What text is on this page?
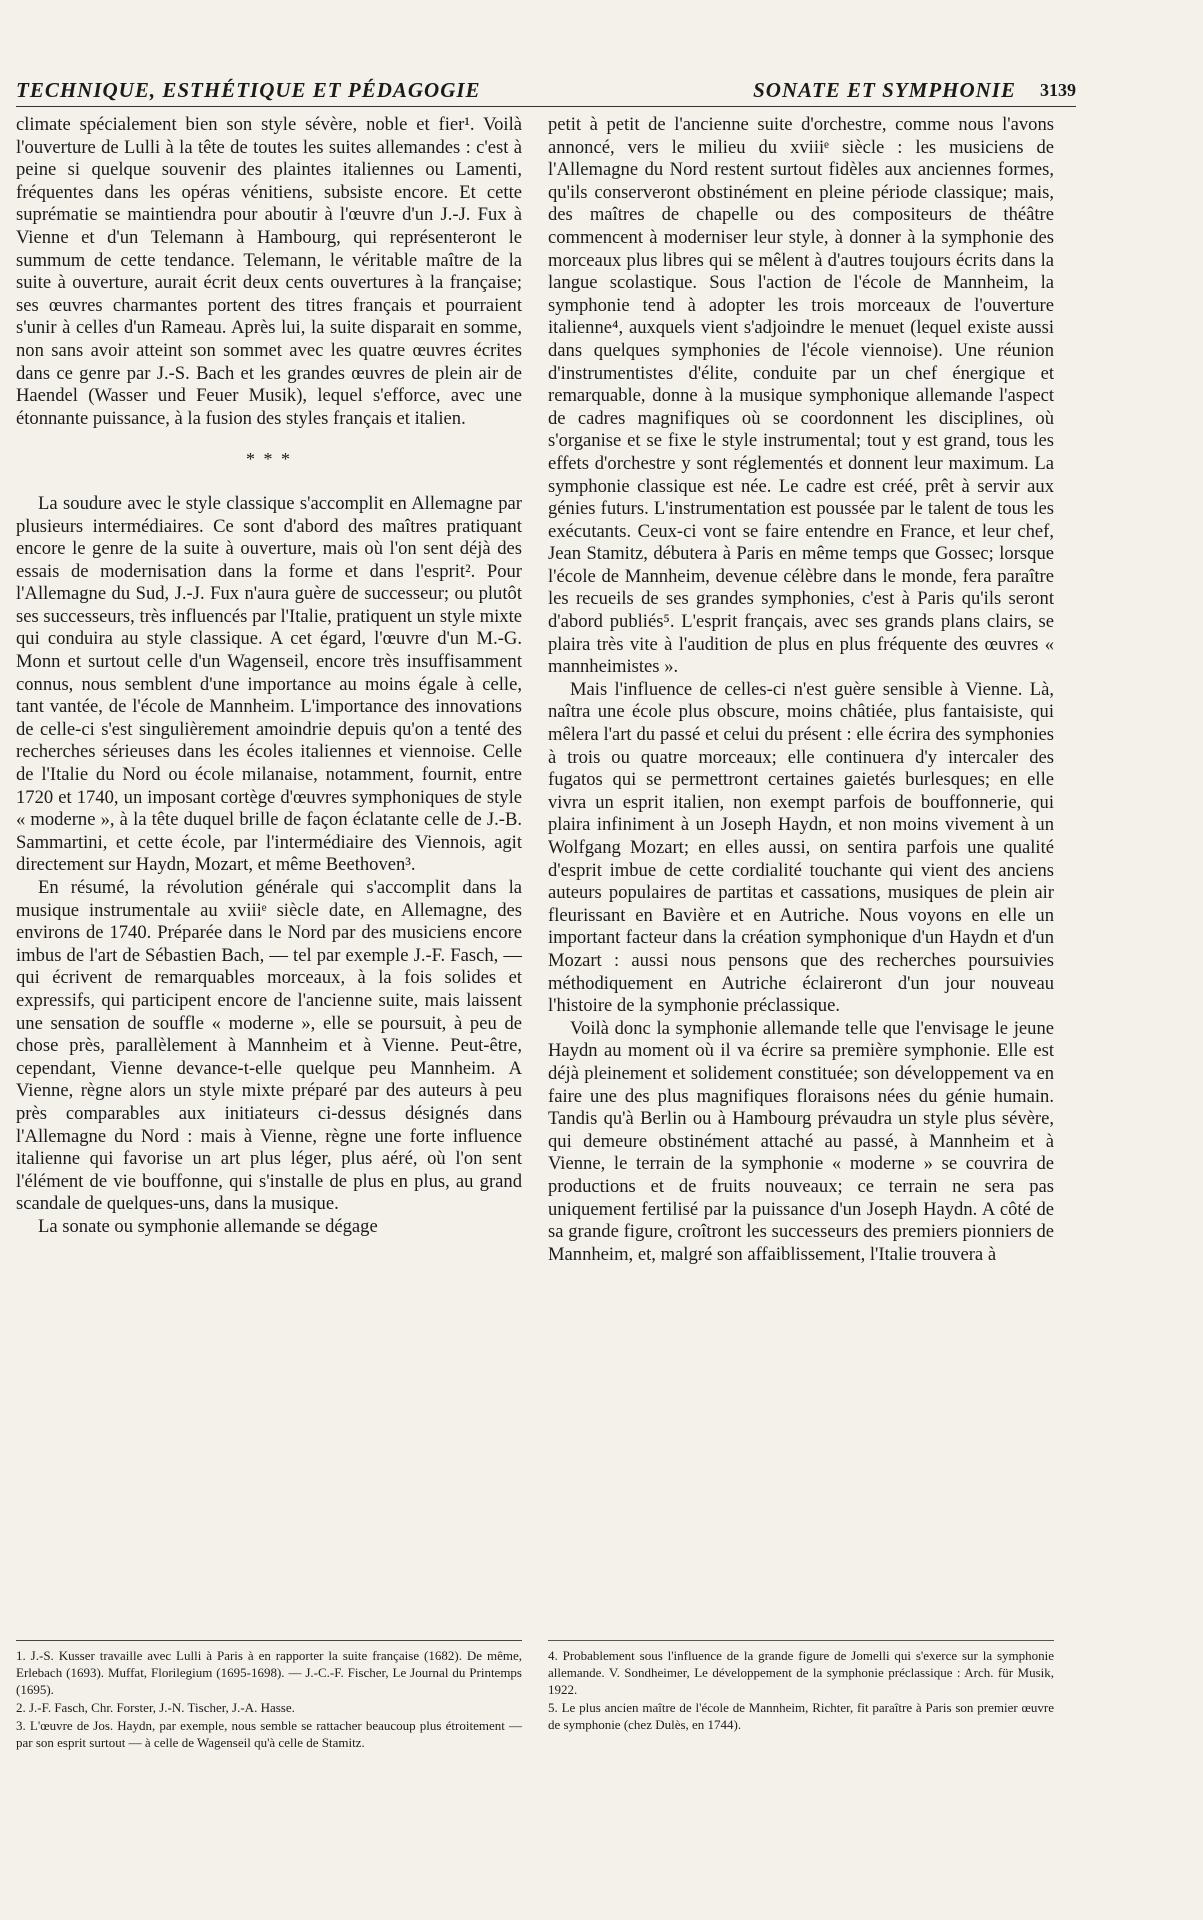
TECHNIQUE, ESTHÉTIQUE ET PÉDAGOGIE	SONATE ET SYMPHONIE 3139

climate spécialement bien son style sévère, noble et fier¹. Voilà l'ouverture de Lulli à la tête de toutes les suites allemandes : c'est à peine si quelque souvenir des plaintes italiennes ou Lamenti, fréquentes dans les opéras vénitiens, subsiste encore. Et cette suprématie se maintiendra pour aboutir à l'œuvre d'un J.-J. Fux à Vienne et d'un Telemann à Hambourg, qui représenteront le summum de cette tendance. Telemann, le véritable maître de la suite à ouverture, aurait écrit deux cents ouvertures à la française; ses œuvres charmantes portent des titres français et pourraient s'unir à celles d'un Rameau. Après lui, la suite disparait en somme, non sans avoir atteint son sommet avec les quatre œuvres écrites dans ce genre par J.-S. Bach et les grandes œuvres de plein air de Haendel (Wasser und Feuer Musik), lequel s'efforce, avec une étonnante puissance, à la fusion des styles français et italien.

* * *

La soudure avec le style classique s'accomplit en Allemagne par plusieurs intermédiaires. Ce sont d'abord des maîtres pratiquant encore le genre de la suite à ouverture, mais où l'on sent déjà des essais de modernisation dans la forme et dans l'esprit². Pour l'Allemagne du Sud, J.-J. Fux n'aura guère de successeur; ou plutôt ses successeurs, très influencés par l'Italie, pratiquent un style mixte qui conduira au style classique. A cet égard, l'œuvre d'un M.-G. Monn et surtout celle d'un Wagenseil, encore très insuffisamment connus, nous semblent d'une importance au moins égale à celle, tant vantée, de l'école de Mannheim. L'importance des innovations de celle-ci s'est singulièrement amoindrie depuis qu'on a tenté des recherches sérieuses dans les écoles italiennes et viennoise. Celle de l'Italie du Nord ou école milanaise, notamment, fournit, entre 1720 et 1740, un imposant cortège d'œuvres symphoniques de style « moderne », à la tête duquel brille de façon éclatante celle de J.-B. Sammartini, et cette école, par l'intermédiaire des Viennois, agit directement sur Haydn, Mozart, et même Beethoven³.

En résumé, la révolution générale qui s'accomplit dans la musique instrumentale au xviiiᵉ siècle date, en Allemagne, des environs de 1740. Préparée dans le Nord par des musiciens encore imbus de l'art de Sébastien Bach, — tel par exemple J.-F. Fasch, — qui écrivent de remarquables morceaux, à la fois solides et expressifs, qui participent encore de l'ancienne suite, mais laissent une sensation de souffle « moderne », elle se poursuit, à peu de chose près, parallèlement à Mannheim et à Vienne. Peut-être, cependant, Vienne devance-t-elle quelque peu Mannheim. A Vienne, règne alors un style mixte préparé par des auteurs à peu près comparables aux initiateurs ci-dessus désignés dans l'Allemagne du Nord : mais à Vienne, règne une forte influence italienne qui favorise un art plus léger, plus aéré, où l'on sent l'élément de vie bouffonne, qui s'installe de plus en plus, au grand scandale de quelques-uns, dans la musique.

La sonate ou symphonie allemande se dégage

petit à petit de l'ancienne suite d'orchestre, comme nous l'avons annoncé, vers le milieu du xviiiᵉ siècle : les musiciens de l'Allemagne du Nord restent surtout fidèles aux anciennes formes, qu'ils conserveront obstinément en pleine période classique; mais, des maîtres de chapelle ou des compositeurs de théâtre commencent à moderniser leur style, à donner à la symphonie des morceaux plus libres qui se mêlent à d'autres toujours écrits dans la langue scolastique. Sous l'action de l'école de Mannheim, la symphonie tend à adopter les trois morceaux de l'ouverture italienne⁴, auxquels vient s'adjoindre le menuet (lequel existe aussi dans quelques symphonies de l'école viennoise). Une réunion d'instrumentistes d'élite, conduite par un chef énergique et remarquable, donne à la musique symphonique allemande l'aspect de cadres magnifiques où se coordonnent les disciplines, où s'organise et se fixe le style instrumental; tout y est grand, tous les effets d'orchestre y sont réglementés et donnent leur maximum. La symphonie classique est née. Le cadre est créé, prêt à servir aux génies futurs. L'instrumentation est poussée par le talent de tous les exécutants. Ceux-ci vont se faire entendre en France, et leur chef, Jean Stamitz, débutera à Paris en même temps que Gossec; lorsque l'école de Mannheim, devenue célèbre dans le monde, fera paraître les recueils de ses grandes symphonies, c'est à Paris qu'ils seront d'abord publiés⁵. L'esprit français, avec ses grands plans clairs, se plaira très vite à l'audition de plus en plus fréquente des œuvres « mannheimistes ».

Mais l'influence de celles-ci n'est guère sensible à Vienne. Là, naîtra une école plus obscure, moins châtiée, plus fantaisiste, qui mêlera l'art du passé et celui du présent : elle écrira des symphonies à trois ou quatre morceaux; elle continuera d'y intercaler des fugatos qui se permettront certaines gaietés burlesques; en elle vivra un esprit italien, non exempt parfois de bouffonnerie, qui plaira infiniment à un Joseph Haydn, et non moins vivement à un Wolfgang Mozart; en elles aussi, on sentira parfois une qualité d'esprit imbue de cette cordialité touchante qui vient des anciens auteurs populaires de partitas et cassations, musiques de plein air fleurissant en Bavière et en Autriche. Nous voyons en elle un important facteur dans la création symphonique d'un Haydn et d'un Mozart : aussi nous pensons que des recherches poursuivies méthodiquement en Autriche éclaireront d'un jour nouveau l'histoire de la symphonie préclassique.

Voilà donc la symphonie allemande telle que l'envisage le jeune Haydn au moment où il va écrire sa première symphonie. Elle est déjà pleinement et solidement constituée; son développement va en faire une des plus magnifiques floraisons nées du génie humain. Tandis qu'à Berlin ou à Hambourg prévaudra un style plus sévère, qui demeure obstinément attaché au passé, à Mannheim et à Vienne, le terrain de la symphonie « moderne » se couvrira de productions et de fruits nouveaux; ce terrain ne sera pas uniquement fertilisé par la puissance d'un Joseph Haydn. A côté de sa grande figure, croîtront les successeurs des premiers pionniers de Mannheim, et, malgré son affaiblissement, l'Italie trouvera à

1. J.-S. Kusser travaille avec Lulli à Paris à en rapporter la suite française (1682). De même, Erlebach (1693). Muffat, Florilegium (1695-1698). — J.-C.-F. Fischer, Le Journal du Printemps (1695).

2. J.-F. Fasch, Chr. Forster, J.-N. Tischer, J.-A. Hasse.

3. L'œuvre de Jos. Haydn, par exemple, nous semble se rattacher beaucoup plus étroitement — par son esprit surtout — à celle de Wagenseil qu'à celle de Stamitz.

4. Probablement sous l'influence de la grande figure de Jomelli qui s'exerce sur la symphonie allemande. V. Sondheimer, Le développement de la symphonie préclassique : Arch. für Musik, 1922.

5. Le plus ancien maître de l'école de Mannheim, Richter, fit paraître à Paris son premier œuvre de symphonie (chez Dulès, en 1744).
